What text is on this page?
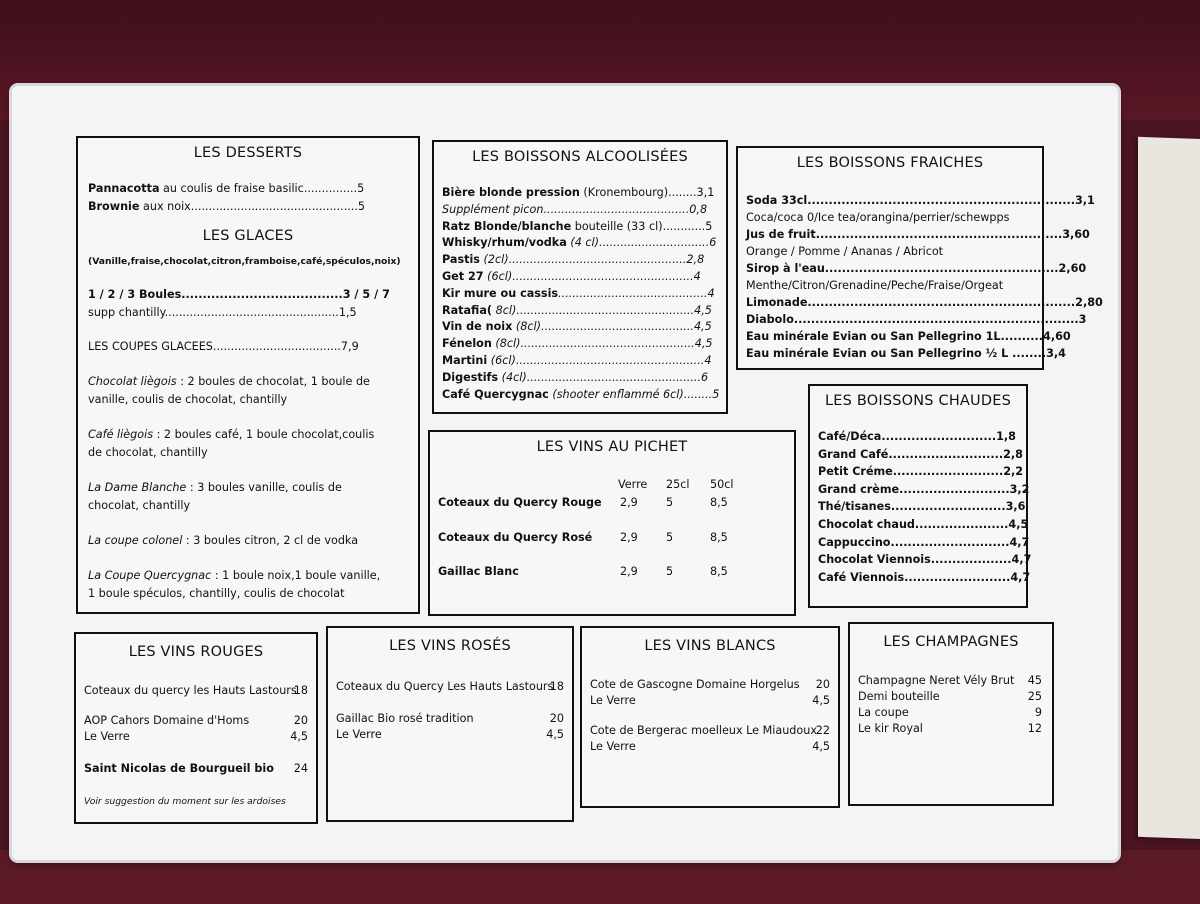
LES DESSERTS
Pannacotta au coulis de fraise basilic...............5
Brownie aux noix...............................................5
LES GLACES
(Vanille,fraise,chocolat,citron,framboise,café,spéculos,noix)
1 / 2 / 3 Boules......................................3 / 5 / 7
supp chantilly.................................................1,5
LES COUPES GLACEES....................................7,9
Chocolat liègois : 2 boules de chocolat, 1 boule de
vanille, coulis de chocolat, chantilly
Café liègois : 2 boules café, 1 boule chocolat,coulis
de chocolat, chantilly
La Dame Blanche : 3 boules vanille, coulis de
chocolat, chantilly
La coupe colonel : 3 boules citron, 2 cl de vodka
La Coupe Quercygnac : 1 boule noix,1 boule vanille,
1 boule spéculos, chantilly, coulis de chocolat
LES BOISSONS ALCOOLISÉES
Bière blonde pression (Kronembourg)........3,1
Supplément picon.........................................0,8
Ratz Blonde/blanche bouteille (33 cl)............5
Whisky/rhum/vodka (4 cl)...............................6
Pastis (2cl)..................................................2,8
Get 27 (6cl)...................................................4
Kir mure ou cassis..........................................4
Ratafia( 8cl)..................................................4,5
Vin de noix (8cl)...........................................4,5
Fénelon (8cl).................................................4,5
Martini (6cl).....................................................4
Digestifs (4cl).................................................6
Café Quercygnac (shooter enflammé 6cl)........5
LES BOISSONS FRAICHES
Soda 33cl...............................................................3,1
Coca/coca 0/Ice tea/orangina/perrier/schewpps
Jus de fruit..........................................................3,60
Orange / Pomme / Ananas / Abricot
Sirop à l'eau.......................................................2,60
Menthe/Citron/Grenadine/Peche/Fraise/Orgeat
Limonade...............................................................2,80
Diabolo...................................................................3
Eau minérale Evian ou San Pellegrino 1L..........4,60
Eau minérale Evian ou San Pellegrino ½ L ........3,4
LES VINS AU PICHET
Verre 25cl 50cl
Coteaux du Quercy Rouge 2,9	5	8,5
Coteaux du Quercy Rosé 2,9	5	8,5
Gaillac Blanc	2,9	5	8,5
LES BOISSONS CHAUDES
Café/Déca...........................1,8
Grand Café...........................2,8
Petit Créme..........................2,2
Grand crème..........................3,2
Thé/tisanes...........................3,6
Chocolat chaud......................4,5
Cappuccino............................4,7
Chocolat Viennois...................4,7
Café Viennois.........................4,7
LES VINS ROUGES
Coteaux du quercy les Hauts Lastours
18
AOP Cahors Domaine d'Homs	20
Le Verre	4,5
Saint Nicolas de Bourgueil bio 24
Voir suggestion du moment sur les ardoises
LES VINS ROSÉS
Coteaux du Quercy Les Hauts Lastours
18
Gaillac Bio rosé tradition	20
Le Verre	4,5
LES VINS BLANCS
Cote de Gascogne Domaine Horgelus 20
Le Verre	4,5
Cote de Bergerac moelleux Le Miaudoux
22
Le Verre	4,5
LES CHAMPAGNES
Champagne Neret Vély Brut 45
Demi bouteille	25
La coupe	9
Le kir Royal	12
